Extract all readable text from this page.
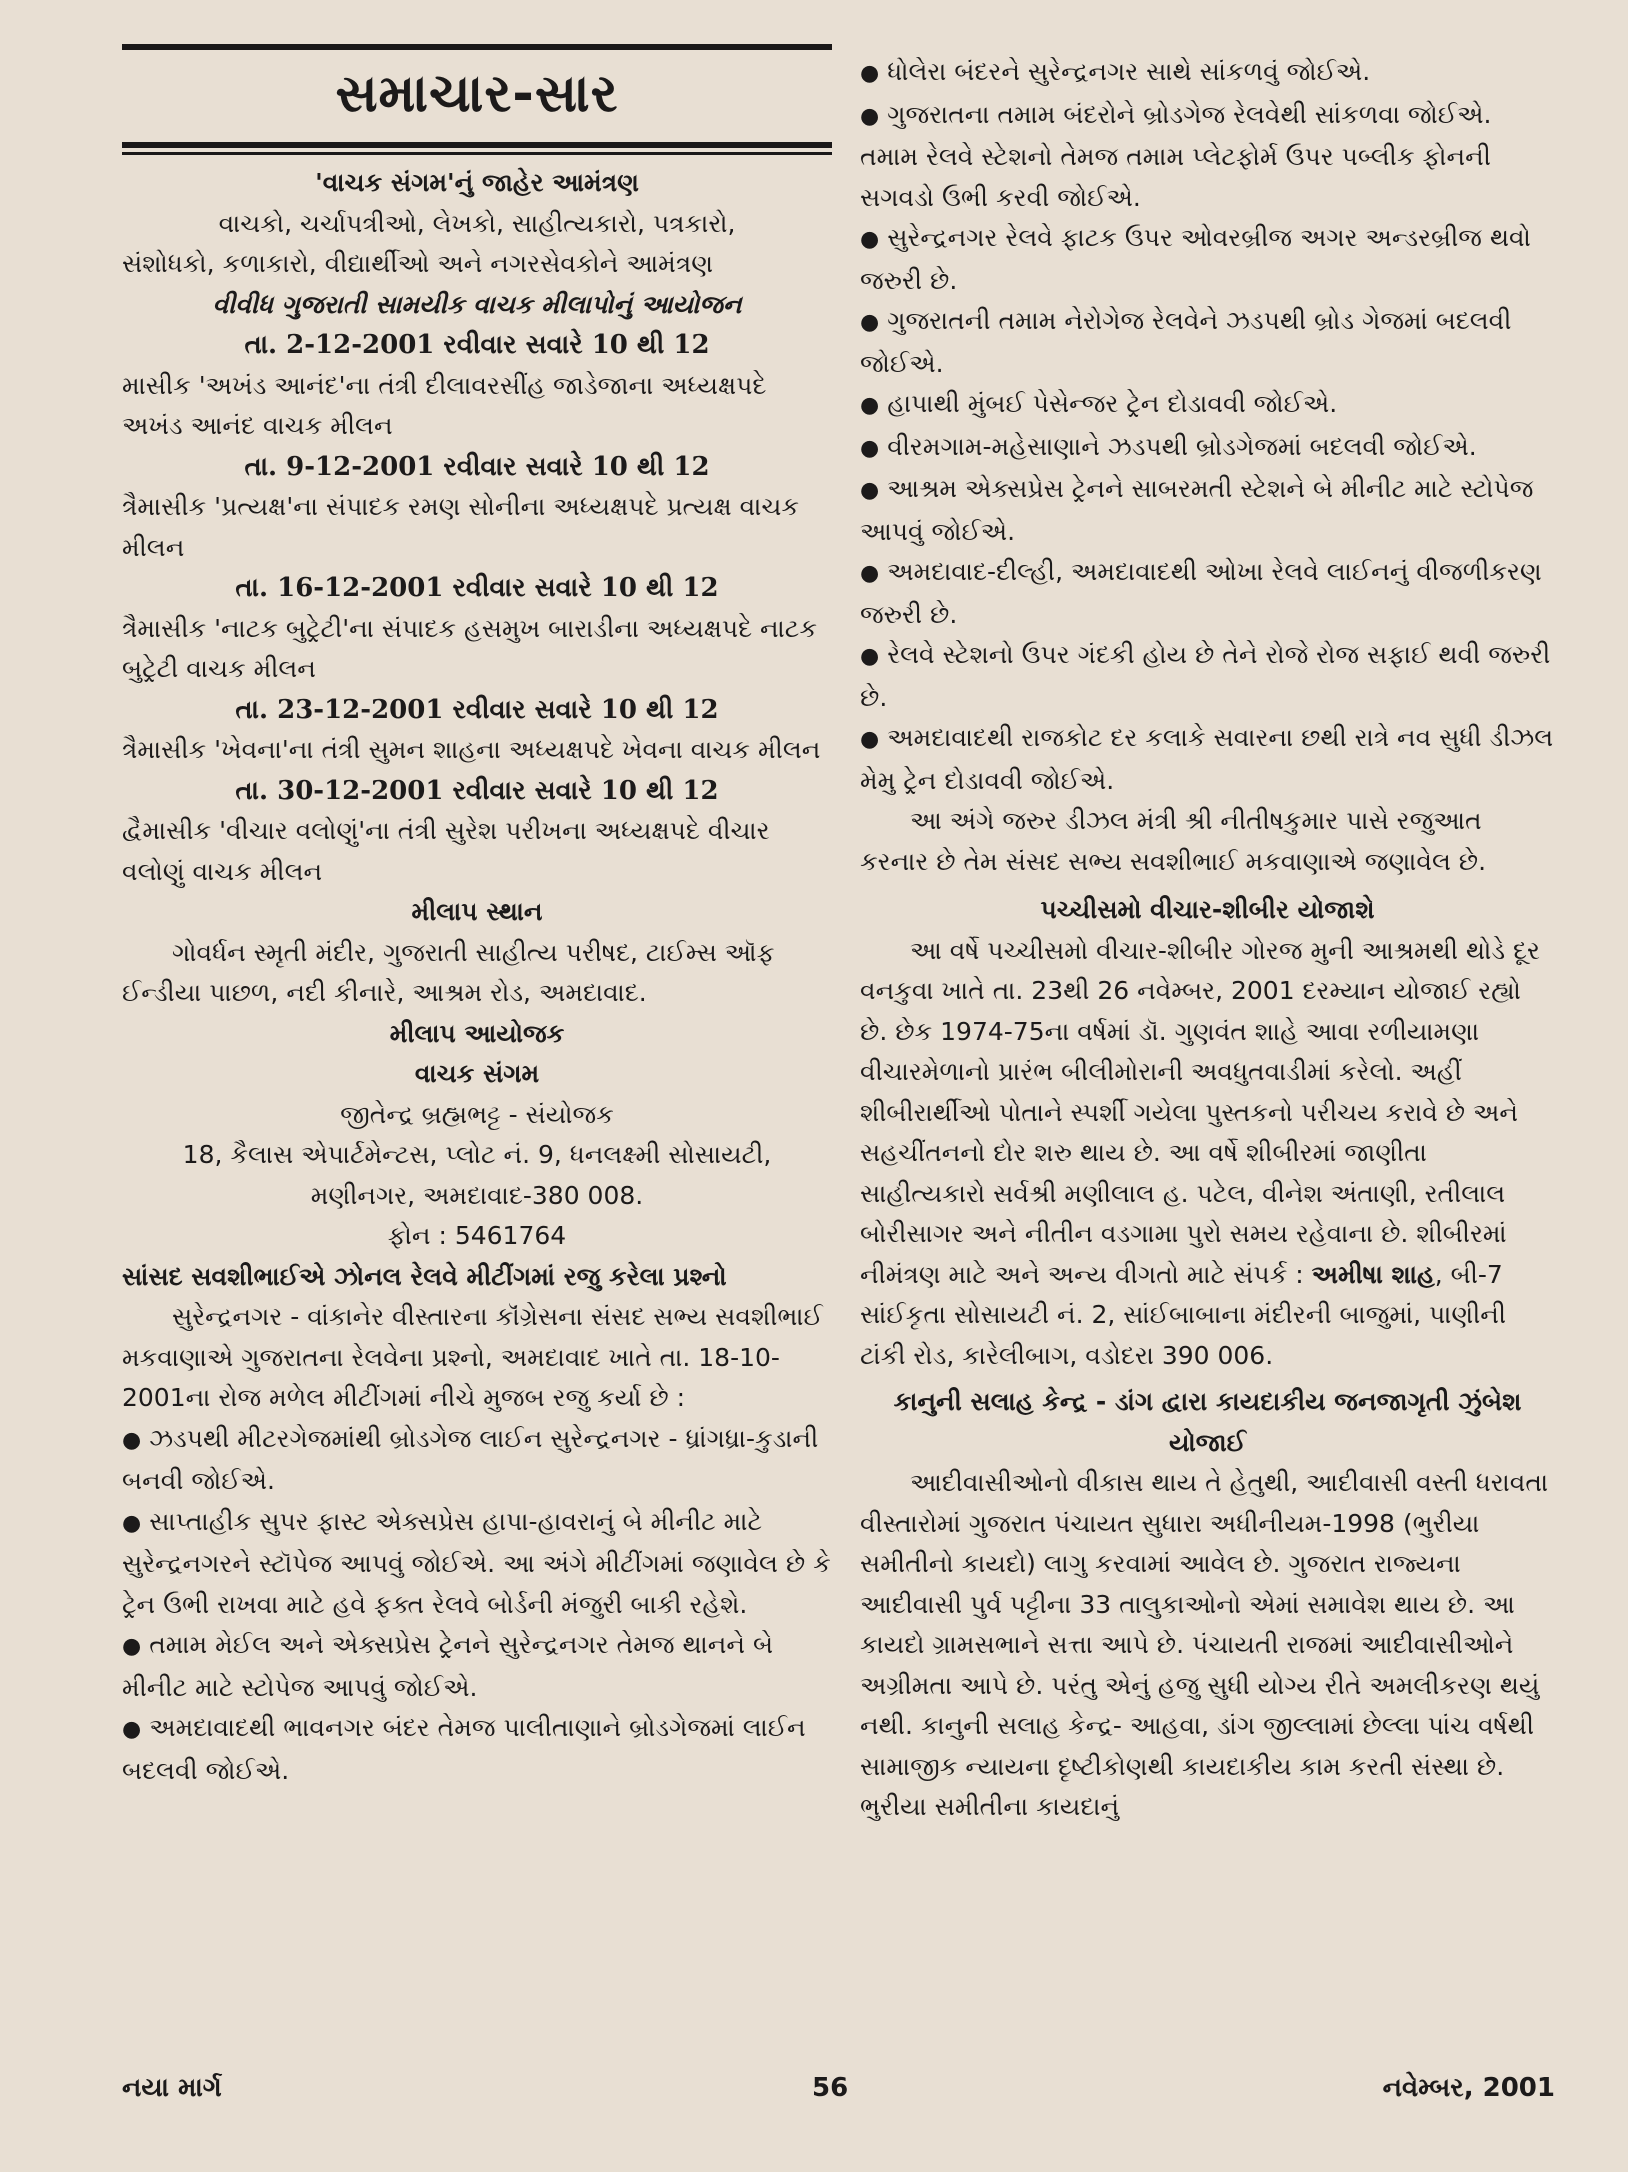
સમાચાર-સાર

'વાચક સંગમ'નું જાહેર આમંત્રણ

વાચકો, ચર્ચાપત્રીઓ, લેખકો, સાહીત્યકારો, પત્રકારો,

સંશોધકો, કળાકારો, વીદ્યાર્થીઓ અને નગરસેવકોને આમંત્રણ

વીવીધ ગુજરાતી સામયીક વાચક મીલાપોનું આયોજન

તા. 2-12-2001 રવીવાર સવારે 10 થી 12

માસીક 'અખંડ આનંદ'ના તંત્રી દીલાવરસીંહ જાડેજાના અધ્યક્ષપદે અખંડ આનંદ વાચક મીલન

તા. 9-12-2001 રવીવાર સવારે 10 થી 12

ત્રૈમાસીક 'પ્રત્યક્ષ'ના સંપાદક રમણ સોનીના અધ્યક્ષપદે પ્રત્યક્ષ વાચક મીલન

તા. 16-12-2001 રવીવાર સવારે 10 થી 12

ત્રૈમાસીક 'નાટક બુટ્રેટી'ના સંપાદક હસમુખ બારાડીના અધ્યક્ષપદે નાટક બુટ્રેટી વાચક મીલન

તા. 23-12-2001 રવીવાર સવારે 10 થી 12

ત્રૈમાસીક 'ખેવના'ના તંત્રી સુમન શાહના અધ્યક્ષપદે ખેવના વાચક મીલન

તા. 30-12-2001 રવીવાર સવારે 10 થી 12

દ્વૈમાસીક 'વીચાર વલોણું'ના તંત્રી સુરેશ પરીખના અધ્યક્ષપદે વીચાર વલોણું વાચક મીલન

મીલાપ સ્થાન

ગોવર્ધન સ્મૃતી મંદીર, ગુજરાતી સાહીત્ય પરીષદ, ટાઈમ્સ ઑફ ઈન્ડીયા પાછળ, નદી કીનારે, આશ્રમ રોડ, અમદાવાદ.

મીલાપ આયોજક

વાચક સંગમ

જીતેન્દ્ર બ્રહ્મભટ્ટ - સંયોજક

18, કૈલાસ એપાર્ટમેન્ટસ, પ્લોટ નં. 9, ધનલક્ષ્મી સોસાયટી,

મણીનગર, અમદાવાદ-380 008.

ફોન : 5461764

સાંસદ સવશીભાઈએ ઝોનલ રેલવે મીટીંગમાં રજુ કરેલા પ્રશ્નો

સુરેન્દ્રનગર - વાંકાનેર વીસ્તારના કૉંગ્રેસના સંસદ સભ્ય સવશીભાઈ મકવાણાએ ગુજરાતના રેલવેના પ્રશ્નો, અમદાવાદ ખાતે તા. 18-10-2001ના રોજ મળેલ મીટીંગમાં નીચે મુજબ રજુ કર્યા છે :

● ઝડપથી મીટરગેજમાંથી બ્રોડગેજ લાઈન સુરેન્દ્રનગર - ધ્રાંગધ્રા-કુડાની બનવી જોઈએ.

● સાપ્તાહીક સુપર ફાસ્ટ એક્સપ્રેસ હાપા-હાવરાનું બે મીનીટ માટે સુરેન્દ્રનગરને સ્ટૉપેજ આપવું જોઈએ. આ અંગે મીટીંગમાં જણાવેલ છે કે ટ્રેન ઉભી રાખવા માટે હવે ફક્ત રેલવે બોર્ડની મંજુરી બાકી રહેશે.

● તમામ મેઈલ અને એક્સપ્રેસ ટ્રેનને સુરેન્દ્રનગર તેમજ થાનને બે મીનીટ માટે સ્ટોપેજ આપવું જોઈએ.

● અમદાવાદથી ભાવનગર બંદર તેમજ પાલીતાણાને બ્રોડગેજમાં લાઈન બદલવી જોઈએ.

● ધોલેરા બંદરને સુરેન્દ્રનગર સાથે સાંકળવું જોઈએ.

● ગુજરાતના તમામ બંદરોને બ્રોડગેજ રેલવેથી સાંકળવા જોઈએ. તમામ રેલવે સ્ટેશનો તેમજ તમામ પ્લેટફોર્મ ઉપર પબ્લીક ફોનની સગવડો ઉભી કરવી જોઈએ.

● સુરેન્દ્રનગર રેલવે ફાટક ઉપર ઓવરબ્રીજ અગર અન્ડરબ્રીજ થવો જરુરી છે.

● ગુજરાતની તમામ નેરોગેજ રેલવેને ઝડપથી બ્રોડ ગેજમાં બદલવી જોઈએ.

● હાપાથી મુંબઈ પેસેન્જર ટ્રેન દોડાવવી જોઈએ.

● વીરમગામ-મહેસાણાને ઝડપથી બ્રોડગેજમાં બદલવી જોઈએ.

● આશ્રમ એક્સપ્રેસ ટ્રેનને સાબરમતી સ્ટેશને બે મીનીટ માટે સ્ટોપેજ આપવું જોઈએ.

● અમદાવાદ-દીલ્હી, અમદાવાદથી ઓખા રેલવે લાઈનનું વીજળીકરણ જરુરી છે.

● રેલવે સ્ટેશનો ઉપર ગંદકી હોય છે તેને રોજે રોજ સફાઈ થવી જરુરી છે.

● અમદાવાદથી રાજકોટ દર કલાકે સવારના છથી રાત્રે નવ સુધી ડીઝલ મેમુ ટ્રેન દોડાવવી જોઈએ.

આ અંગે જરુર ડીઝલ મંત્રી શ્રી નીતીષકુમાર પાસે રજુઆત કરનાર છે તેમ સંસદ સભ્ય સવશીભાઈ મકવાણાએ જણાવેલ છે.

પચ્ચીસમો વીચાર-શીબીર યોજાશે

આ વર્ષે પચ્ચીસમો વીચાર-શીબીર ગોરજ મુની આશ્રમથી થોડે દૂર વનકુવા ખાતે તા. 23થી 26 નવેમ્બર, 2001 દરમ્યાન યોજાઈ રહ્યો છે. છેક 1974-75ના વર્ષમાં ડૉ. ગુણવંત શાહે આવા રળીયામણા વીચારમેળાનો પ્રારંભ બીલીમોરાની અવધુતવાડીમાં કરેલો. અહીં શીબીરાર્થીઓ પોતાને સ્પર્શી ગયેલા પુસ્તકનો પરીચય કરાવે છે અને સહચીંતનનો દોર શરુ થાય છે. આ વર્ષે શીબીરમાં જાણીતા સાહીત્યકારો સર્વશ્રી મણીલાલ હ. પટેલ, વીનેશ અંતાણી, રતીલાલ બોરીસાગર અને નીતીન વડગામા પુરો સમય રહેવાના છે. શીબીરમાં નીમંત્રણ માટે અને અન્ય વીગતો માટે સંપર્ક : અમીષા શાહ, બી-7 સાંઈકૃતા સોસાયટી નં. 2, સાંઈબાબાના મંદીરની બાજુમાં, પાણીની ટાંકી રોડ, કારેલીબાગ, વડોદરા 390 006.

કાનુની સલાહ કેન્દ્ર - ડાંગ દ્વારા કાયદાકીય જનજાગૃતી ઝુંબેશ યોજાઈ

આદીવાસીઓનો વીકાસ થાય તે હેતુથી, આદીવાસી વસ્તી ધરાવતા વીસ્તારોમાં ગુજરાત પંચાયત સુધારા અધીનીયમ-1998 (ભુરીયા સમીતીનો કાયદો) લાગુ કરવામાં આવેલ છે. ગુજરાત રાજ્યના આદીવાસી પુર્વ પટ્ટીના 33 તાલુકાઓનો એમાં સમાવેશ થાય છે. આ કાયદો ગ્રામસભાને સત્તા આપે છે. પંચાયતી રાજમાં આદીવાસીઓને અગ્રીમતા આપે છે. પરંતુ એનું હજુ સુધી યોગ્ય રીતે અમલીકરણ થયું નથી. કાનુની સલાહ કેન્દ્ર- આહવા, ડાંગ જીલ્લામાં છેલ્લા પાંચ વર્ષથી સામાજીક ન્યાયના દૃષ્ટીકોણથી કાયદાકીય કામ કરતી સંસ્થા છે. ભુરીયા સમીતીના કાયદાનું

નયા માર્ગ	56	નવેમ્બર, 2001
